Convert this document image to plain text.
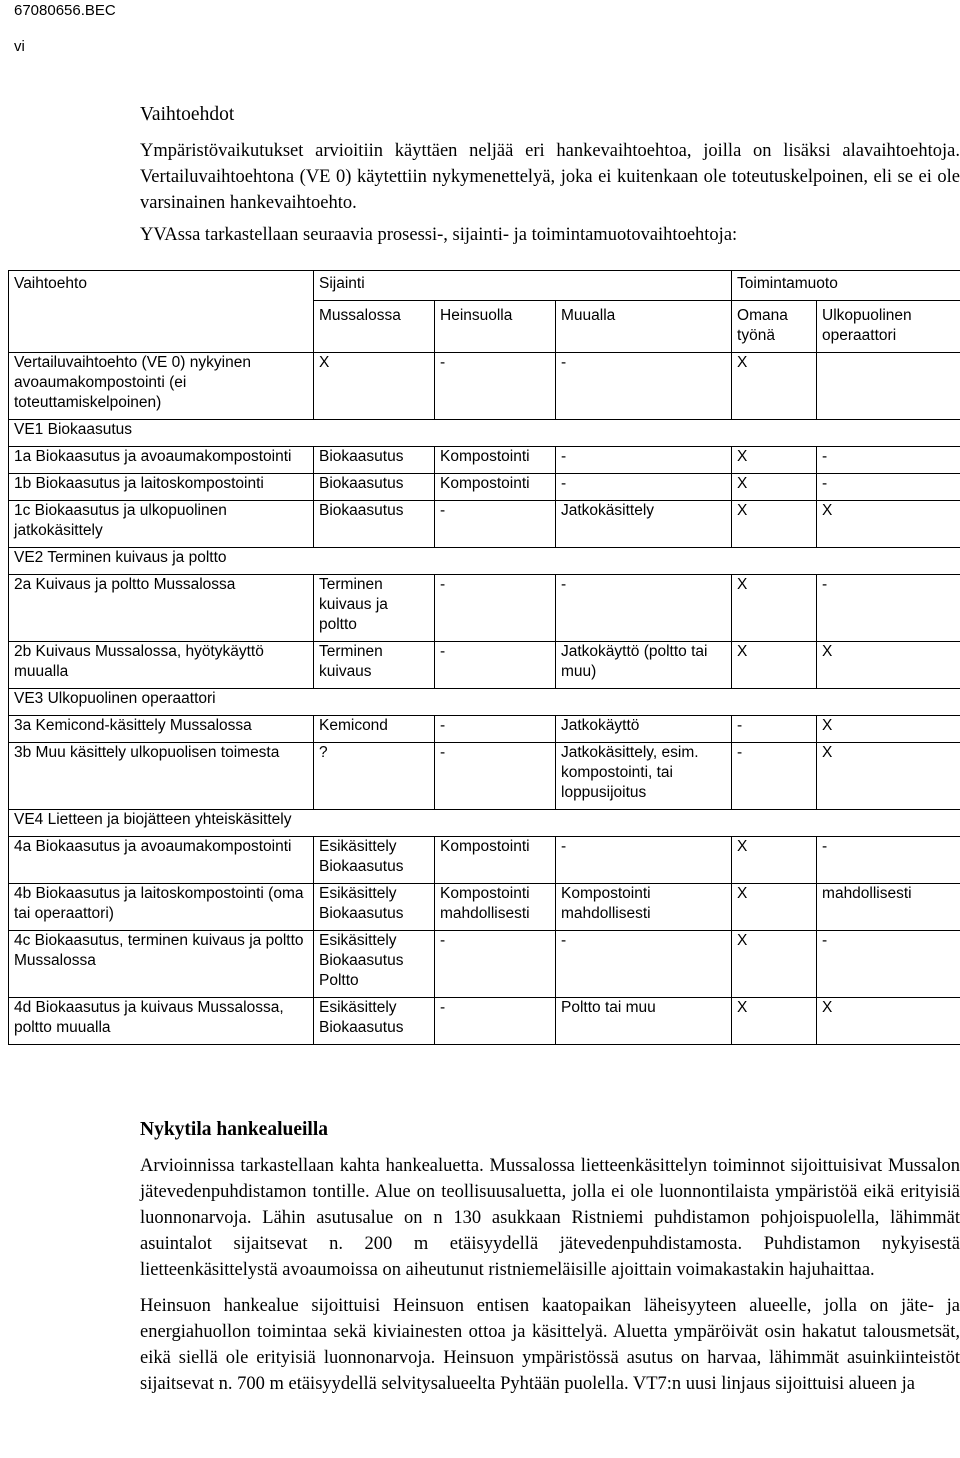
67080656.BEC
vi
Vaihtoehdot

Ympäristövaikutukset arvioitiin käyttäen neljää eri hankevaihtoehtoa, joilla on lisäksi alavaihtoehtoja. Vertailuvaihtoehtona (VE 0) käytettiin nykymenettelyä, joka ei kuitenkaan ole toteutuskelpoinen, eli se ei ole varsinainen hankevaihtoehto.

YVAssa tarkastellaan seuraavia prosessi-, sijainti- ja toimintamuotovaihtoehtoja:

Vaihtoehto	Sijainti			Toimintamuoto	
	Mussalossa	Heinsuolla	Muualla	Omana työnä	Ulkopuolinen operaattori
Vertailuvaihtoehto (VE 0) nykyinen avoaumakompostointi (ei toteuttamiskelpoinen)	X	-	-	X	
VE1 Biokaasutus					
1a Biokaasutus ja avoaumakompostointi	Biokaasutus	Kompostointi	-	X	-
1b Biokaasutus ja laitoskompostointi	Biokaasutus	Kompostointi	-	X	-
1c Biokaasutus ja ulkopuolinen jatkokäsittely	Biokaasutus	-	Jatkokäsittely	X	X
VE2 Terminen kuivaus ja poltto					
2a Kuivaus ja poltto Mussalossa	Terminen kuivaus ja poltto	-	-	X	-
2b Kuivaus Mussalossa, hyötykäyttö muualla	Terminen kuivaus	-	Jatkokäyttö (poltto tai muu)	X	X
VE3 Ulkopuolinen operaattori					
3a Kemicond-käsittely Mussalossa	Kemicond	-	Jatkokäyttö	-	X
3b Muu käsittely ulkopuolisen toimesta	?	-	Jatkokäsittely, esim. kompostointi, tai loppusijoitus	-	X
VE4 Lietteen ja biojätteen yhteiskäsittely					
4a Biokaasutus ja avoaumakompostointi	Esikäsittely Biokaasutus	Kompostointi	-	X	-
4b Biokaasutus ja laitoskompostointi (oma tai operaattori)	Esikäsittely Biokaasutus	Kompostointi mahdollisesti	Kompostointi mahdollisesti	X	mahdollisesti
4c Biokaasutus, terminen kuivaus ja poltto Mussalossa	Esikäsittely Biokaasutus Poltto	-	-	X	-
4d Biokaasutus ja kuivaus Mussalossa, poltto muualla	Esikäsittely Biokaasutus	-	Poltto tai muu	X	X
Nykytila hankealueilla

Arvioinnissa tarkastellaan kahta hankealuetta. Mussalossa lietteenkäsittelyn toiminnot sijoittuisivat Mussalon jätevedenpuhdistamon tontille. Alue on teollisuusaluetta, jolla ei ole luonnontilaista ympäristöä eikä erityisiä luonnonarvoja. Lähin asutusalue on n 130 asukkaan Ristniemi puhdistamon pohjoispuolella, lähimmät asuintalot sijaitsevat n. 200 m etäisyydellä jätevedenpuhdistamosta. Puhdistamon nykyisestä lietteenkäsittelystä avoaumoissa on aiheutunut ristniemeläisille ajoittain voimakastakin hajuhaittaa.

Heinsuon hankealue sijoittuisi Heinsuon entisen kaatopaikan läheisyyteen alueelle, jolla on jäte- ja energiahuollon toimintaa sekä kiviainesten ottoa ja käsittelyä. Aluetta ympäröivät osin hakatut talousmetsät, eikä siellä ole erityisiä luonnonarvoja. Heinsuon ympäristössä asutus on harvaa, lähimmät asuinkiinteistöt sijaitsevat n. 700 m etäisyydellä selvitysalueelta Pyhtään puolella. VT7:n uusi linjaus sijoittuisi alueen ja
